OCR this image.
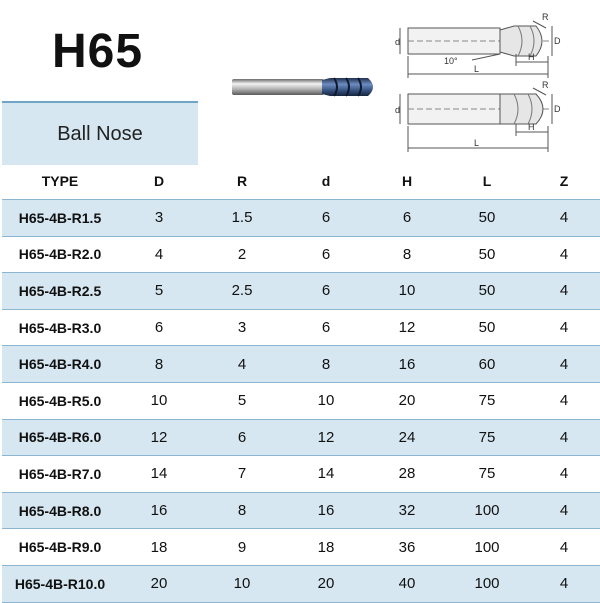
H65
Ball Nose
d
R
D
H
L
10°
d
R
D
H
L
TYPE	D	R	d	H	L	Z
H65-4B-R1.5	3	1.5	6	6	50	4
H65-4B-R2.0	4	2	6	8	50	4
H65-4B-R2.5	5	2.5	6	10	50	4
H65-4B-R3.0	6	3	6	12	50	4
H65-4B-R4.0	8	4	8	16	60	4
H65-4B-R5.0	10	5	10	20	75	4
H65-4B-R6.0	12	6	12	24	75	4
H65-4B-R7.0	14	7	14	28	75	4
H65-4B-R8.0	16	8	16	32	100	4
H65-4B-R9.0	18	9	18	36	100	4
H65-4B-R10.0	20	10	20	40	100	4
